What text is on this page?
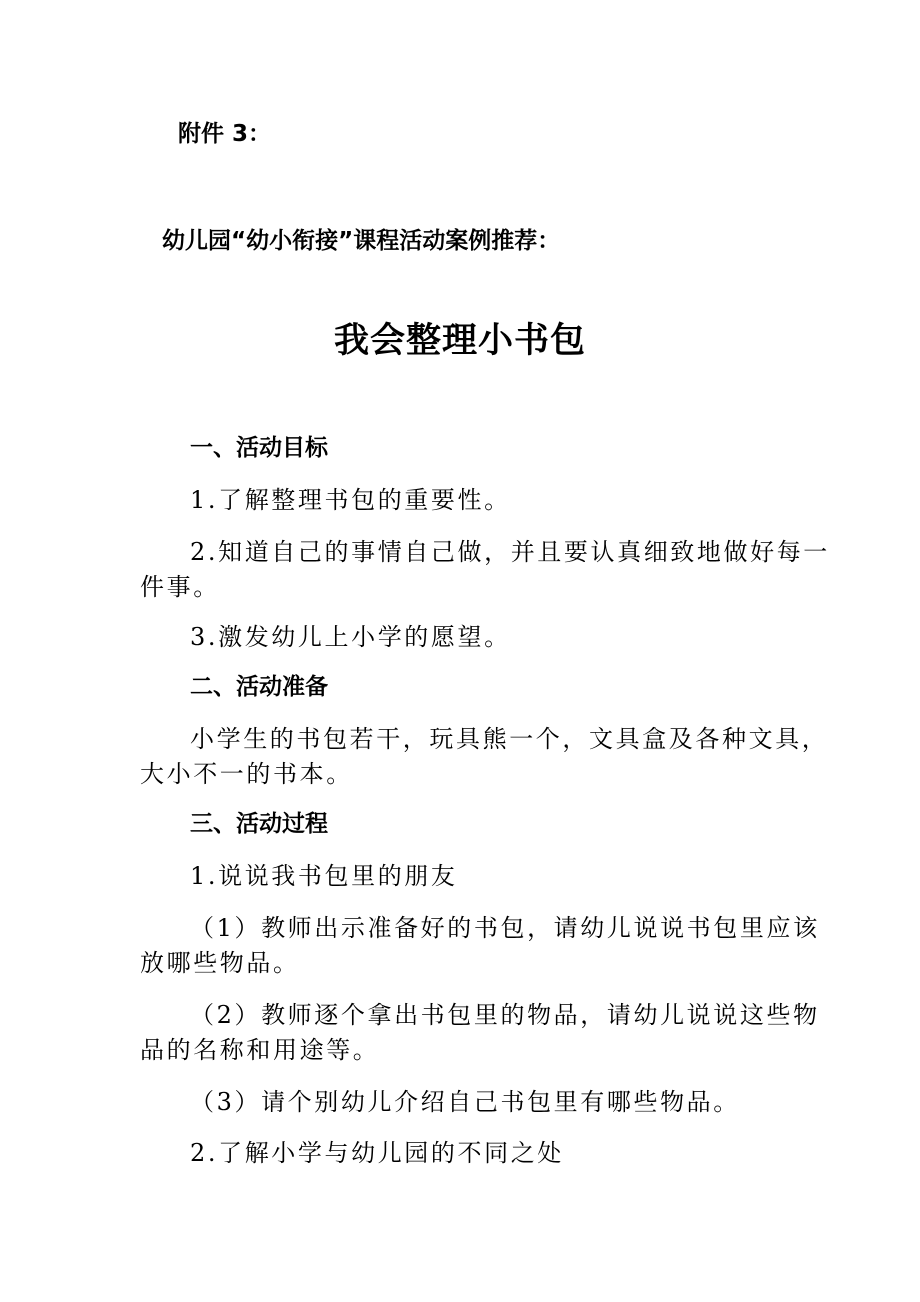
附件 3：

幼儿园“幼小衔接”课程活动案例推荐：

我会整理小书包
一、活动目标

1.了解整理书包的重要性。

2.知道自己的事情自己做，并且要认真细致地做好每一

件事。

3.激发幼儿上小学的愿望。

二、活动准备

小学生的书包若干，玩具熊一个，文具盒及各种文具，

大小不一的书本。

三、活动过程

1.说说我书包里的朋友

（1）教师出示准备好的书包，请幼儿说说书包里应该

放哪些物品。

（2）教师逐个拿出书包里的物品，请幼儿说说这些物

品的名称和用途等。

（3）请个别幼儿介绍自己书包里有哪些物品。

2.了解小学与幼儿园的不同之处
